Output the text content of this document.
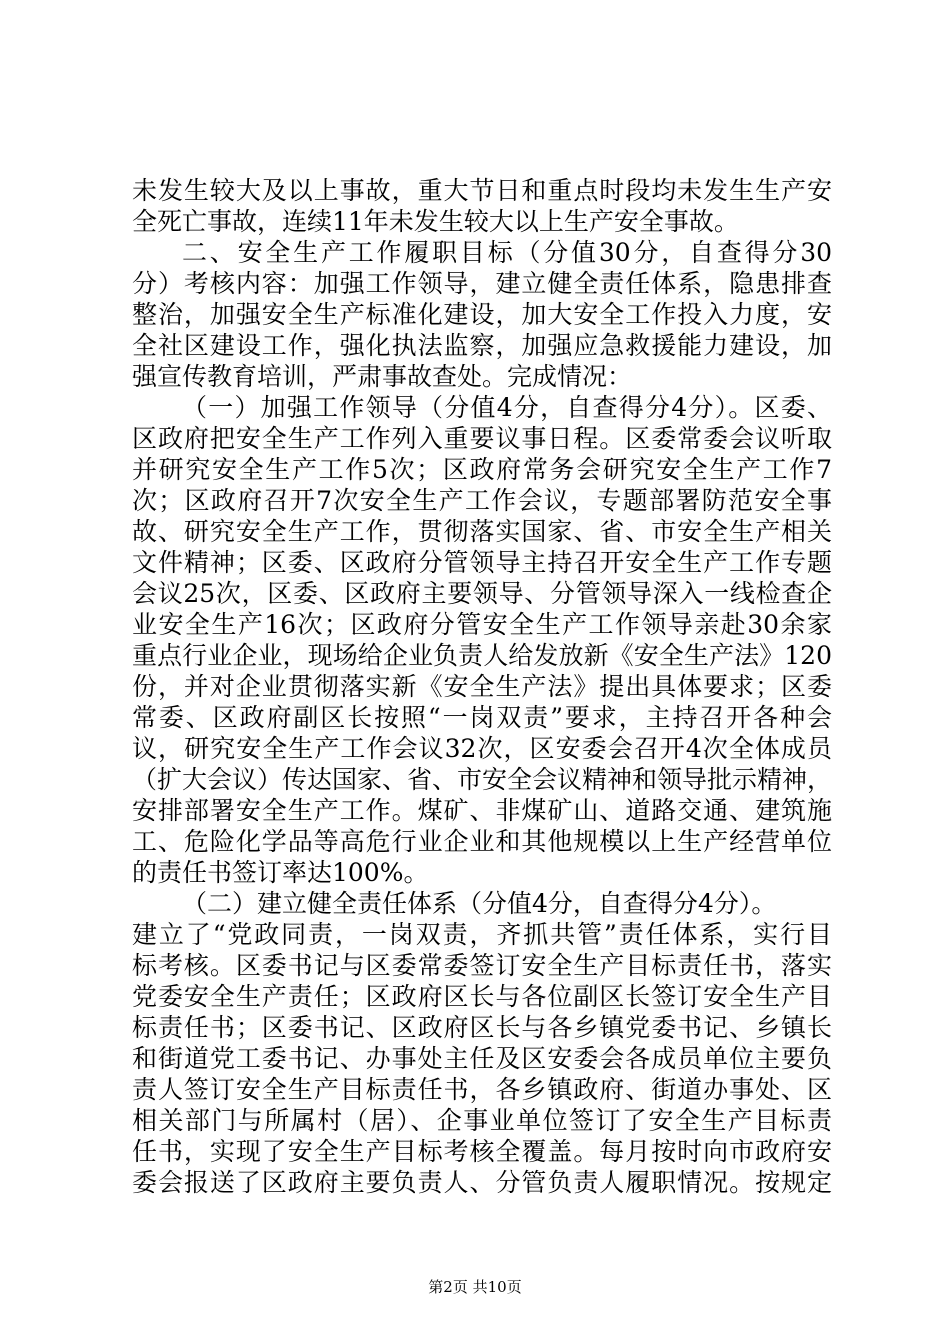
未发生较大及以上事故，重大节日和重点时段均未发生生产安
全死亡事故，连续11年未发生较大以上生产安全事故。
二、安全生产工作履职目标（分值30分，自查得分30
分）考核内容：加强工作领导，建立健全责任体系，隐患排查
整治，加强安全生产标准化建设，加大安全工作投入力度，安
全社区建设工作，强化执法监察，加强应急救援能力建设，加
强宣传教育培训，严肃事故查处。完成情况：
（一）加强工作领导（分值4分，自查得分4分）。区委、
区政府把安全生产工作列入重要议事日程。区委常委会议听取
并研究安全生产工作5次；区政府常务会研究安全生产工作7
次；区政府召开7次安全生产工作会议，专题部署防范安全事
故、研究安全生产工作，贯彻落实国家、省、市安全生产相关
文件精神；区委、区政府分管领导主持召开安全生产工作专题
会议25次，区委、区政府主要领导、分管领导深入一线检查企
业安全生产16次；区政府分管安全生产工作领导亲赴30余家
重点行业企业，现场给企业负责人给发放新《安全生产法》120
份，并对企业贯彻落实新《安全生产法》提出具体要求；区委
常委、区政府副区长按照“一岗双责”要求，主持召开各种会
议，研究安全生产工作会议32次，区安委会召开4次全体成员
（扩大会议）传达国家、省、市安全会议精神和领导批示精神，
安排部署安全生产工作。煤矿、非煤矿山、道路交通、建筑施
工、危险化学品等高危行业企业和其他规模以上生产经营单位
的责任书签订率达100%。
（二）建立健全责任体系（分值4分，自查得分4分）。
建立了“党政同责，一岗双责，齐抓共管”责任体系，实行目
标考核。区委书记与区委常委签订安全生产目标责任书，落实
党委安全生产责任；区政府区长与各位副区长签订安全生产目
标责任书；区委书记、区政府区长与各乡镇党委书记、乡镇长
和街道党工委书记、办事处主任及区安委会各成员单位主要负
责人签订安全生产目标责任书，各乡镇政府、街道办事处、区
相关部门与所属村（居）、企事业单位签订了安全生产目标责
任书，实现了安全生产目标考核全覆盖。每月按时向市政府安
委会报送了区政府主要负责人、分管负责人履职情况。按规定
第2页 共10页
